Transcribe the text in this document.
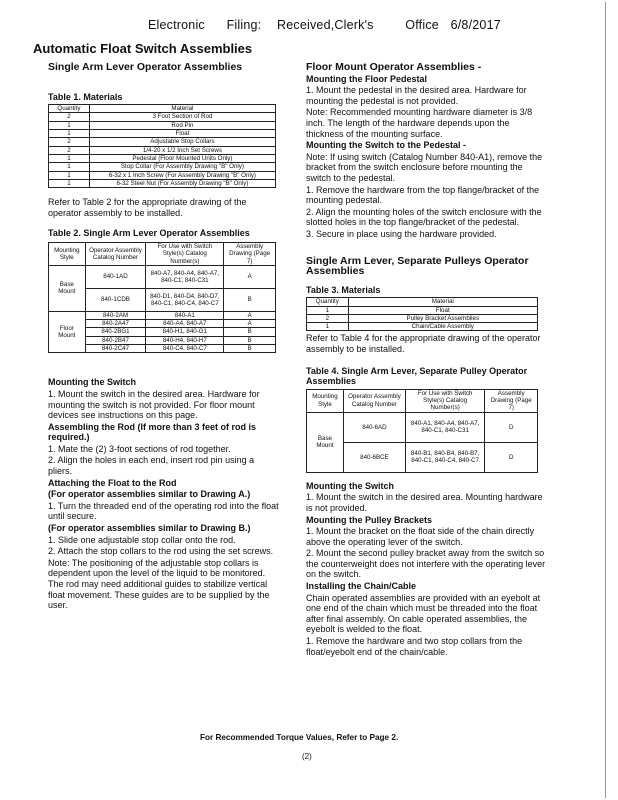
Electronic Filing: Received,Clerk's	Office 6/8/2017
Automatic Float Switch Assemblies
Single Arm Lever Operator Assemblies
Table 1. Materials
Quantity	Material
2	3 Foot Section of Rod
1	Rod Pin
1	Float
2	Adjustable Stop Collars
2	1/4-20 x 1/2 Inch Set Screws
1	Pedestal (Floor Mounted Units Only)
1	Stop Collar (For Assembly Drawing "B" Only)
1	6-32 x 1 Inch Screw (For Assembly Drawing "B" Only)
1	6-32 Steel Nut (For Assembly Drawing "B" Only)

Refer to Table 2 for the appropriate drawing of the operator assembly to be installed.

Table 2. Single Arm Lever Operator Assemblies
Mounting Style	Operator Assembly Catalog Number	For Use with Switch Style(s) Catalog Number(s)	Assembly Drawing (Page 7)
Base Mount	840-1AD	840-A7, 840-A4, 840-A7, 840-C1, 840-C31	A
	840-1CDB	840-D1, 840-D4, 840-D7, 840-C1, 840-C4, 840-C7	B
Floor Mount	840-2AM	840-A1	A
	840-2A47	840-A4, 840-A7	A
	840-2BG1	840-H1, 840-G1	B
	840-2B47	840-H4, 840-H7	B
	840-2C47	840-C4, 840-C7	B

Mounting the Switch

1. Mount the switch in the desired area. Hardware for mounting the switch is not provided. For floor mount devices see instructions on this page.

Assembling the Rod (If more than 3 feet of rod is required.)

1. Mate the (2) 3-foot sections of rod together.

2. Align the holes in each end, insert rod pin using a pliers.

Attaching the Float to the Rod

(For operator assemblies similar to Drawing A.)

1. Turn the threaded end of the operating rod into the float until secure.

(For operator assemblies similar to Drawing B.)

1. Slide one adjustable stop collar onto the rod.

2. Attach the stop collars to the rod using the set screws.

Note: The positioning of the adjustable stop collars is dependent upon the level of the liquid to be monitored. The rod may need additional guides to stabilize vertical float movement. These guides are to be supplied by the user.

Floor Mount Operator Assemblies -

Mounting the Floor Pedestal

1. Mount the pedestal in the desired area. Hardware for mounting the pedestal is not provided.

Note: Recommended mounting hardware diameter is 3/8 inch. The length of the hardware depends upon the thickness of the mounting surface.

Mounting the Switch to the Pedestal -

Note: If using switch (Catalog Number 840-A1), remove the bracket from the switch enclosure before mounting the switch to the pedestal.

1. Remove the hardware from the top flange/bracket of the mounting pedestal.

2. Align the mounting holes of the switch enclosure with the slotted holes in the top flange/bracket of the pedestal.

3. Secure in place using the hardware provided.

Single Arm Lever, Separate Pulleys Operator Assemblies
Table 3. Materials
Quantity	Material
1	Float
2	Pulley Bracket Assemblies
1	Chain/Cable Assembly

Refer to Table 4 for the appropriate drawing of the operator assembly to be installed.

Table 4. Single Arm Lever, Separate Pulley Operator Assemblies
Mounting Style	Operator Assembly Catalog Number	For Use with Switch Style(s) Catalog Number(s)	Assembly Drawing (Page 7)
Base Mount	840-6AD	840-A1, 840-A4, 840-A7, 840-C1, 840-C31	D
	840-6BCE	840-B1, 840-B4, 840-B7, 840-C1, 840-C4, 840-C7	D

Mounting the Switch

1. Mount the switch in the desired area. Mounting hardware is not provided.

Mounting the Pulley Brackets

1. Mount the bracket on the float side of the chain directly above the operating lever of the switch.

2. Mount the second pulley bracket away from the switch so the counterweight does not interfere with the operating lever on the switch.

Installing the Chain/Cable

Chain operated assemblies are provided with an eyebolt at one end of the chain which must be threaded into the float after final assembly. On cable operated assemblies, the eyebolt is welded to the float.

1. Remove the hardware and two stop collars from the float/eyebolt end of the chain/cable.

For Recommended Torque Values, Refer to Page 2.
(2)
